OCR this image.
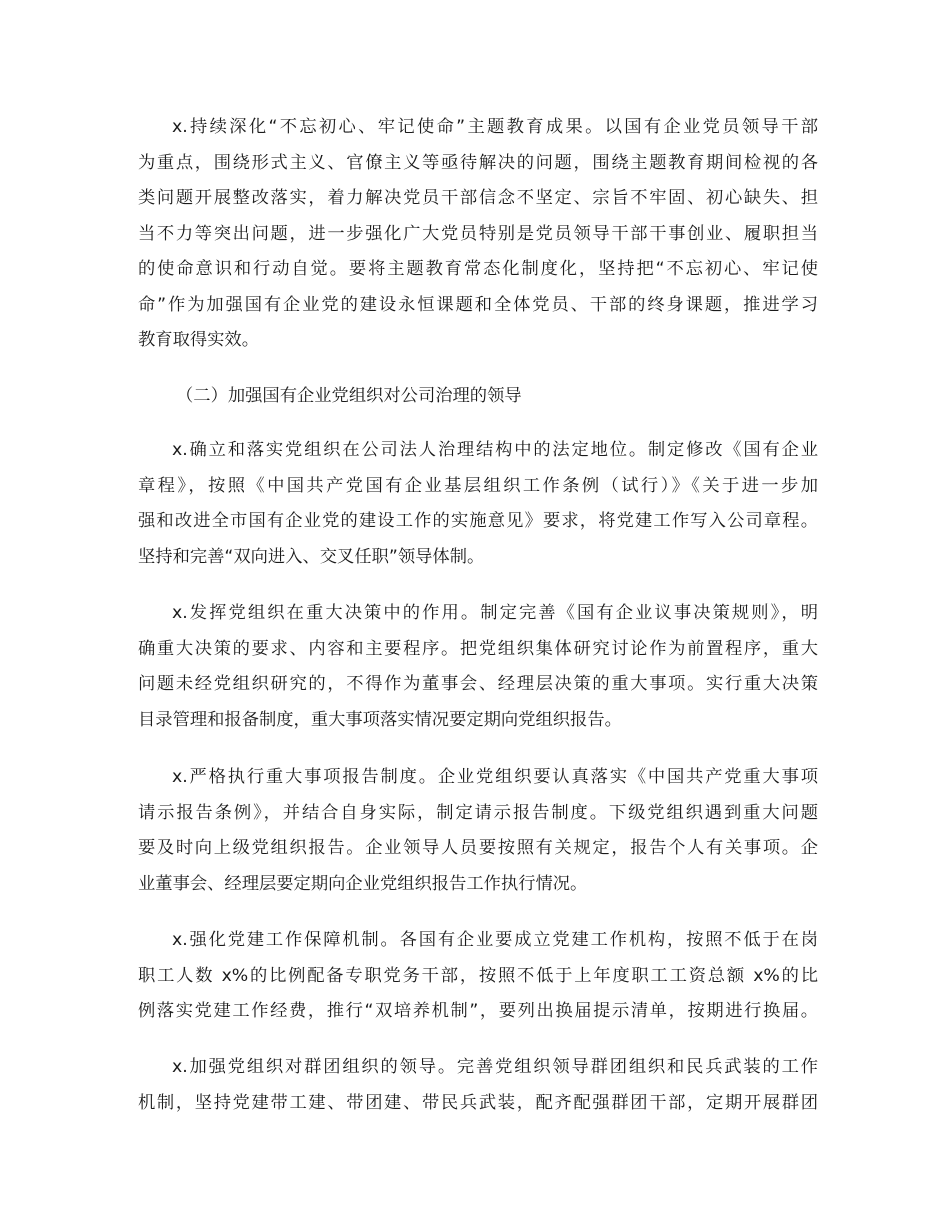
x.持续深化“不忘初心、牢记使命”主题教育成果。以国有企业党员领导干部
为重点，围绕形式主义、官僚主义等亟待解决的问题，围绕主题教育期间检视的各
类问题开展整改落实，着力解决党员干部信念不坚定、宗旨不牢固、初心缺失、担
当不力等突出问题，进一步强化广大党员特别是党员领导干部干事创业、履职担当
的使命意识和行动自觉。要将主题教育常态化制度化，坚持把“不忘初心、牢记使
命”作为加强国有企业党的建设永恒课题和全体党员、干部的终身课题，推进学习
教育取得实效。
（二）加强国有企业党组织对公司治理的领导
x.确立和落实党组织在公司法人治理结构中的法定地位。制定修改《国有企业
章程》，按照《中国共产党国有企业基层组织工作条例（试行）》《关于进一步加
强和改进全市国有企业党的建设工作的实施意见》要求，将党建工作写入公司章程。
坚持和完善“双向进入、交叉任职”领导体制。
x.发挥党组织在重大决策中的作用。制定完善《国有企业议事决策规则》，明
确重大决策的要求、内容和主要程序。把党组织集体研究讨论作为前置程序，重大
问题未经党组织研究的，不得作为董事会、经理层决策的重大事项。实行重大决策
目录管理和报备制度，重大事项落实情况要定期向党组织报告。
x.严格执行重大事项报告制度。企业党组织要认真落实《中国共产党重大事项
请示报告条例》，并结合自身实际，制定请示报告制度。下级党组织遇到重大问题
要及时向上级党组织报告。企业领导人员要按照有关规定，报告个人有关事项。企
业董事会、经理层要定期向企业党组织报告工作执行情况。
x.强化党建工作保障机制。各国有企业要成立党建工作机构，按照不低于在岗
职工人数 x%的比例配备专职党务干部，按照不低于上年度职工工资总额 x%的比
例落实党建工作经费，推行“双培养机制”，要列出换届提示清单，按期进行换届。
x.加强党组织对群团组织的领导。完善党组织领导群团组织和民兵武装的工作
机制，坚持党建带工建、带团建、带民兵武装，配齐配强群团干部，定期开展群团
